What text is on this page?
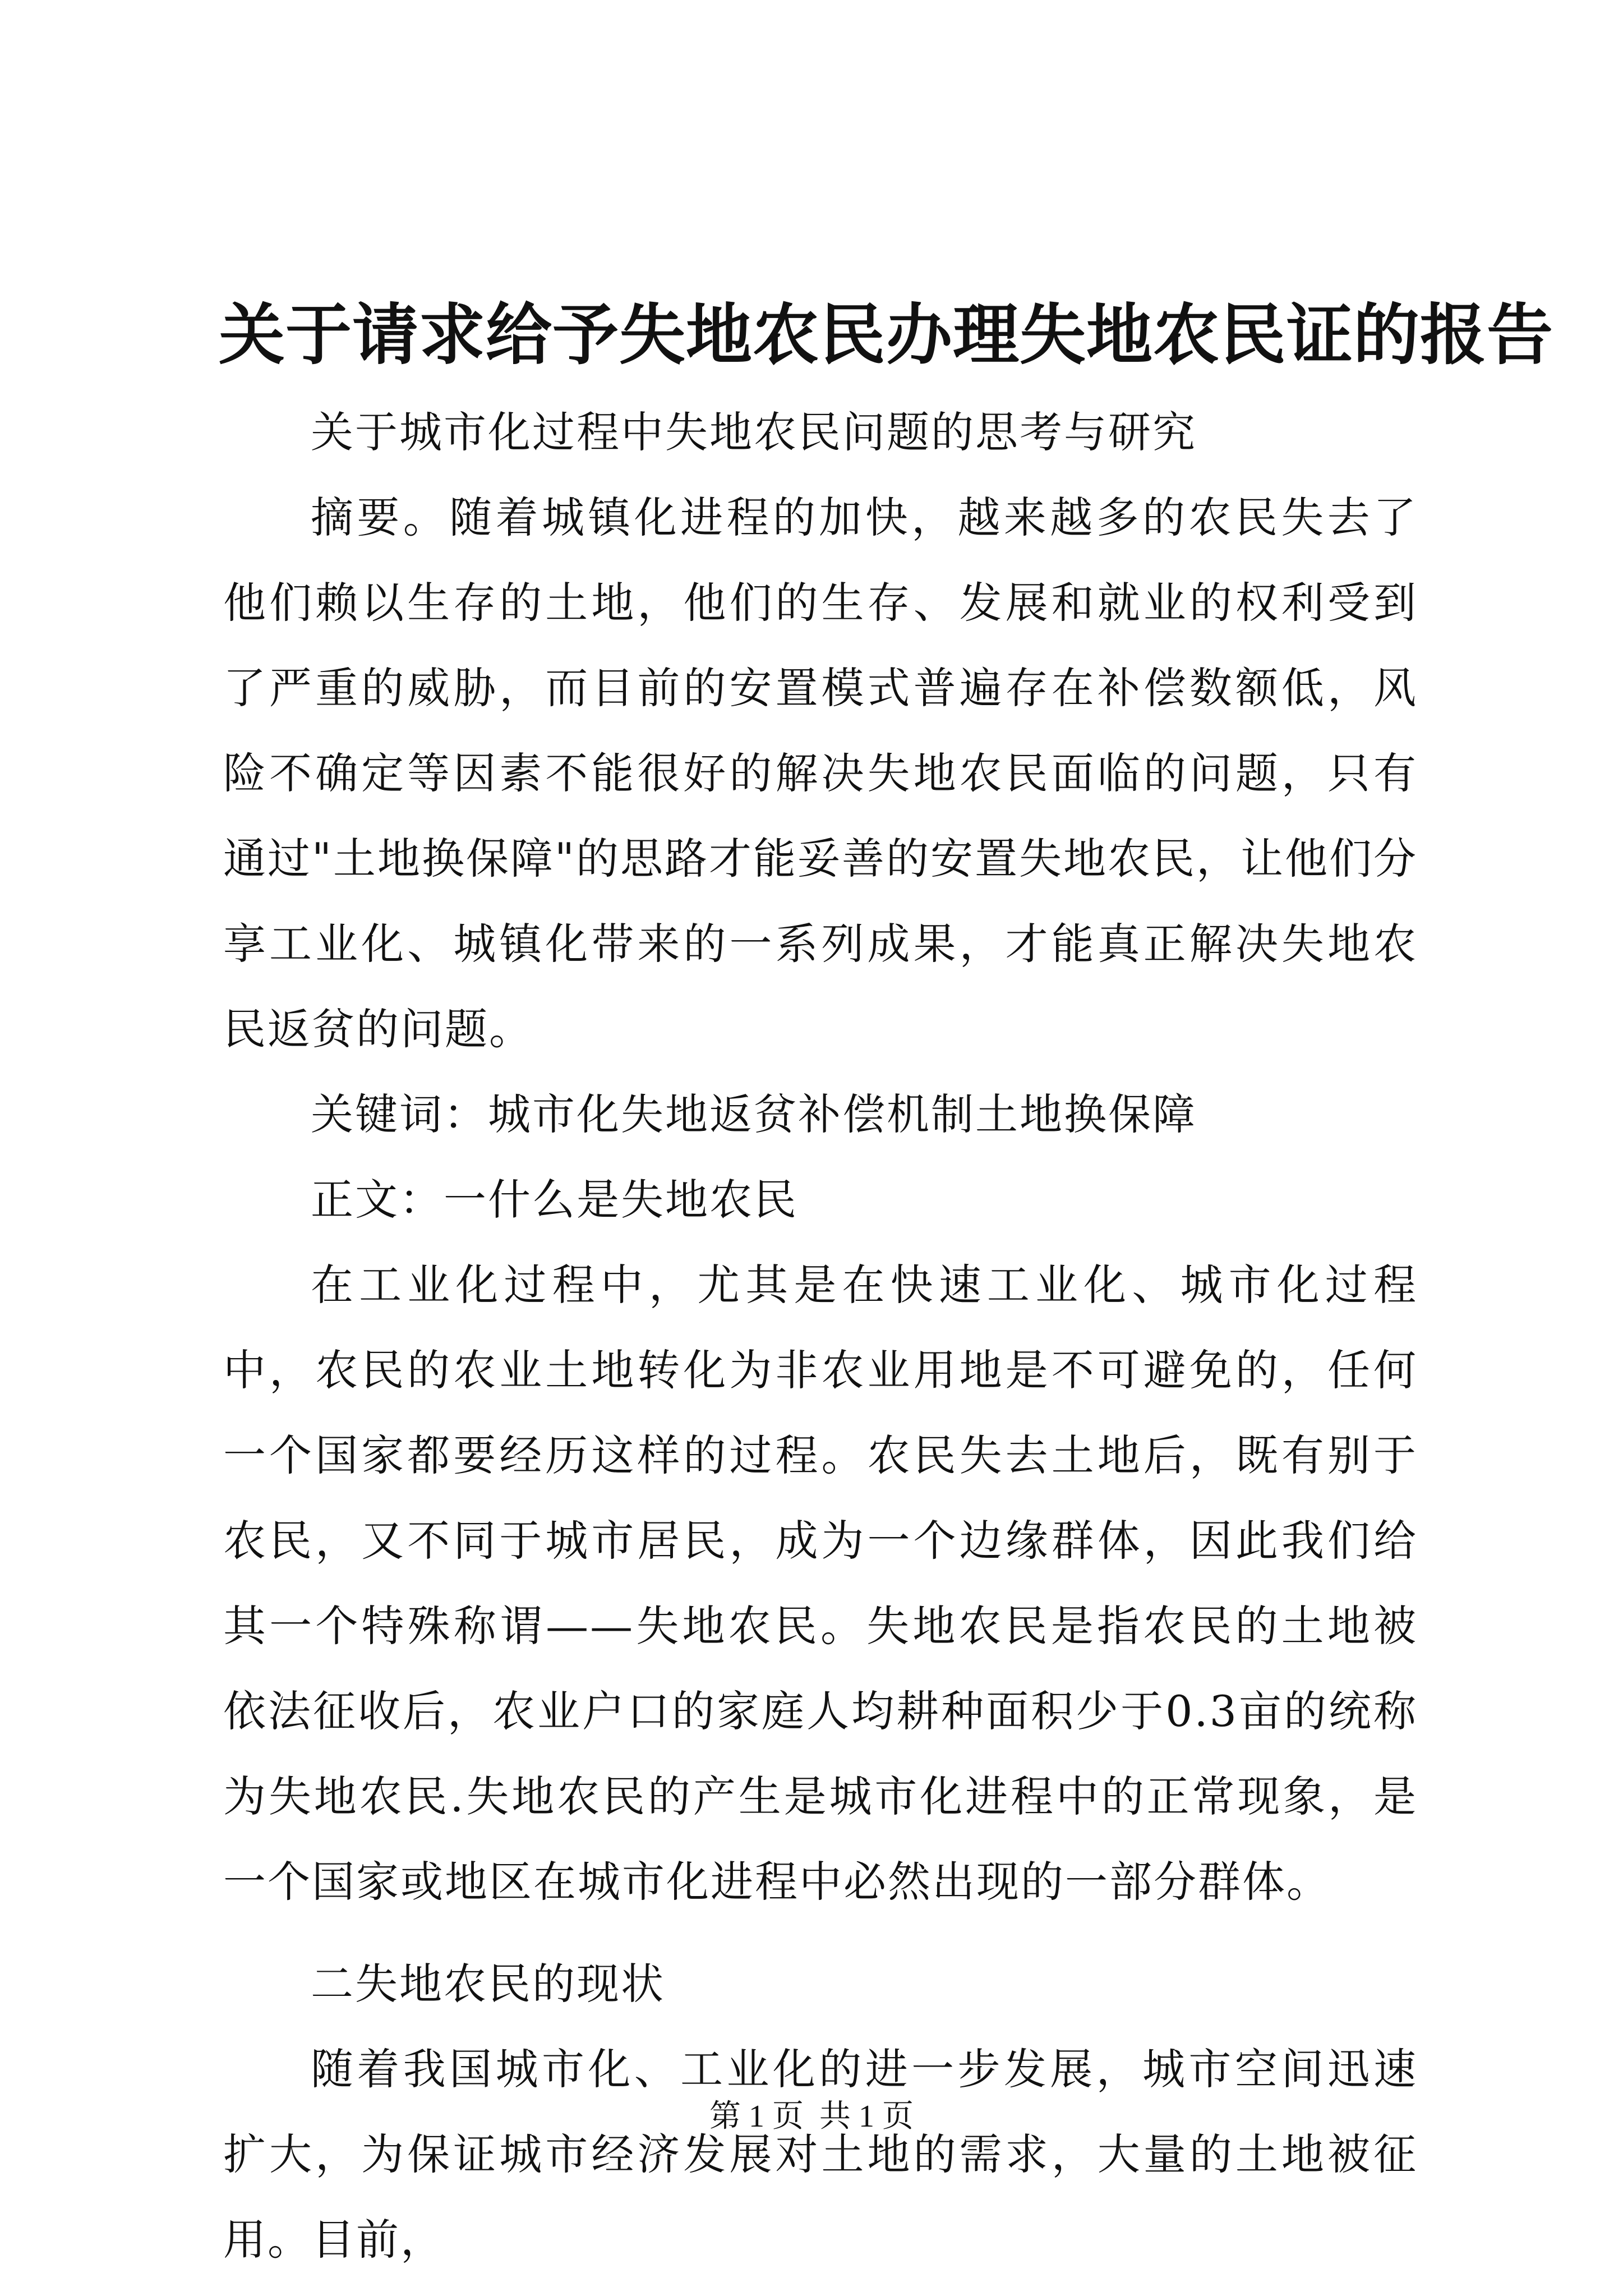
关于请求给予失地农民办理失地农民证的报告

关于城市化过程中失地农民问题的思考与研究

摘要。随着城镇化进程的加快，越来越多的农民失去了他们赖以生存的土地，他们的生存、发展和就业的权利受到了严重的威胁，而目前的安置模式普遍存在补偿数额低，风险不确定等因素不能很好的解决失地农民面临的问题，只有通过"土地换保障"的思路才能妥善的安置失地农民，让他们分享工业化、城镇化带来的一系列成果，才能真正解决失地农民返贫的问题。

关键词：城市化失地返贫补偿机制土地换保障

正文：一什么是失地农民

在工业化过程中，尤其是在快速工业化、城市化过程中，农民的农业土地转化为非农业用地是不可避免的，任何一个国家都要经历这样的过程。农民失去土地后，既有别于农民，又不同于城市居民，成为一个边缘群体，因此我们给其一个特殊称谓——失地农民。失地农民是指农民的土地被依法征收后，农业户口的家庭人均耕种面积少于0.3亩的统称为失地农民.失地农民的产生是城市化进程中的正常现象，是一个国家或地区在城市化进程中必然出现的一部分群体。

二失地农民的现状

随着我国城市化、工业化的进一步发展，城市空间迅速扩大，为保证城市经济发展对土地的需求，大量的土地被征用。目前，

第 1 页  共 1 页
